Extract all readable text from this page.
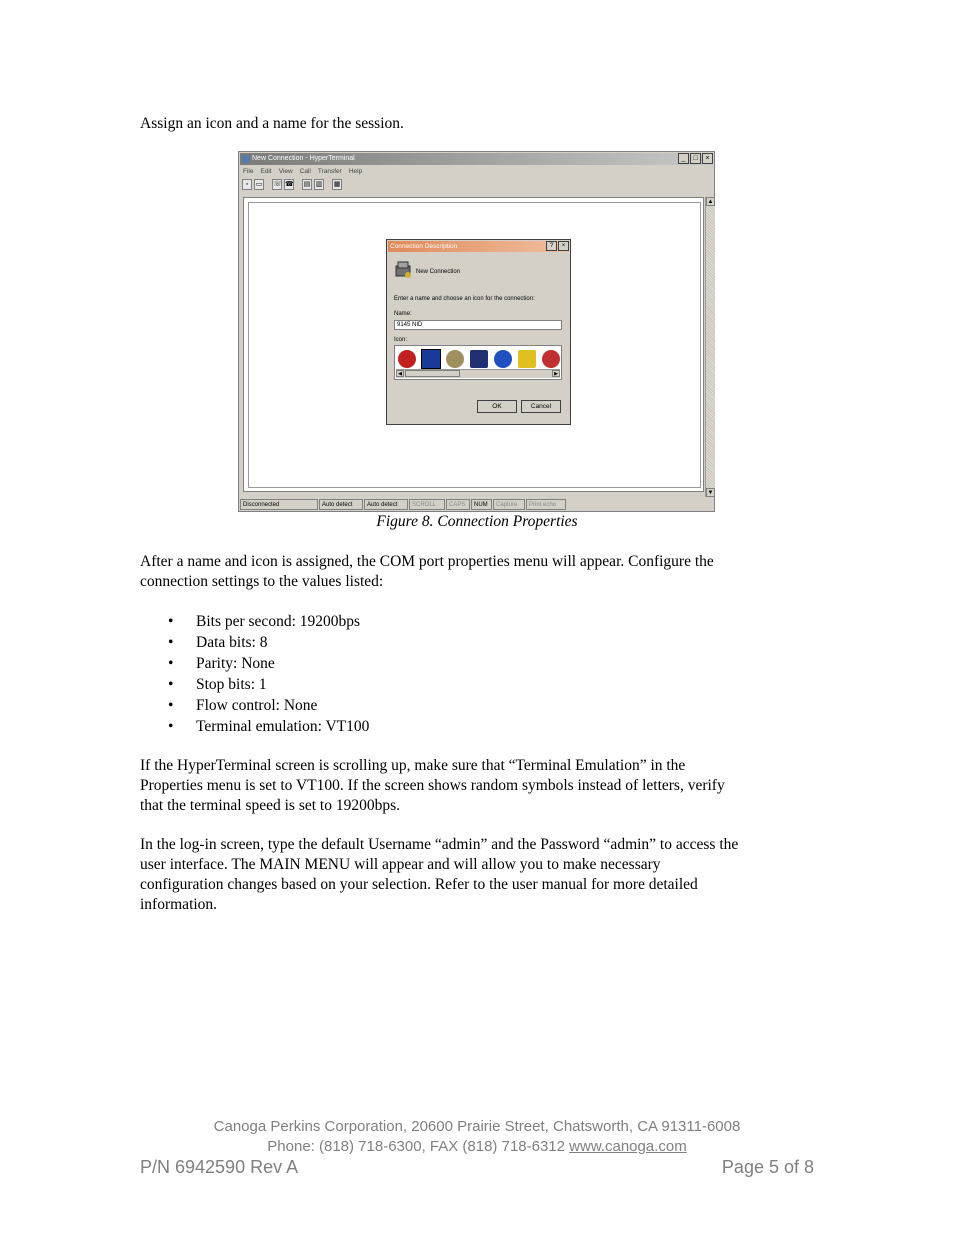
Assign an icon and a name for the session.

New Connection - HyperTerminal	_	□	×
File Edit View Call Transfer Help
▫	▭ ☏ ☎ ▤ ▥ ▦
▲
▼
Disconnected	Auto detect	Auto detect	SCROLL	CAPS	NUM	Capture	Print echo
Connection Description	?	×
New Connection
Enter a name and choose an icon for the connection:
Name:
9145 NID
Icon:
◀	▶
OK	Cancel
Figure 8. Connection Properties

After a name and icon is assigned, the COM port properties menu will appear. Configure the

connection settings to the values listed:

• Bits per second: 19200bps
• Data bits: 8
• Parity: None
• Stop bits: 1
• Flow control: None
• Terminal emulation: VT100

If the HyperTerminal screen is scrolling up, make sure that “Terminal Emulation” in the

Properties menu is set to VT100. If the screen shows random symbols instead of letters, verify

that the terminal speed is set to 19200bps.

In the log-in screen, type the default Username “admin” and the Password “admin” to access the

user interface. The MAIN MENU will appear and will allow you to make necessary

configuration changes based on your selection. Refer to the user manual for more detailed

information.

Canoga Perkins Corporation, 20600 Prairie Street, Chatsworth, CA 91311-6008
Phone: (818) 718-6300, FAX (818) 718-6312 www.canoga.com
P/N 6942590 Rev A	Page 5 of 8
